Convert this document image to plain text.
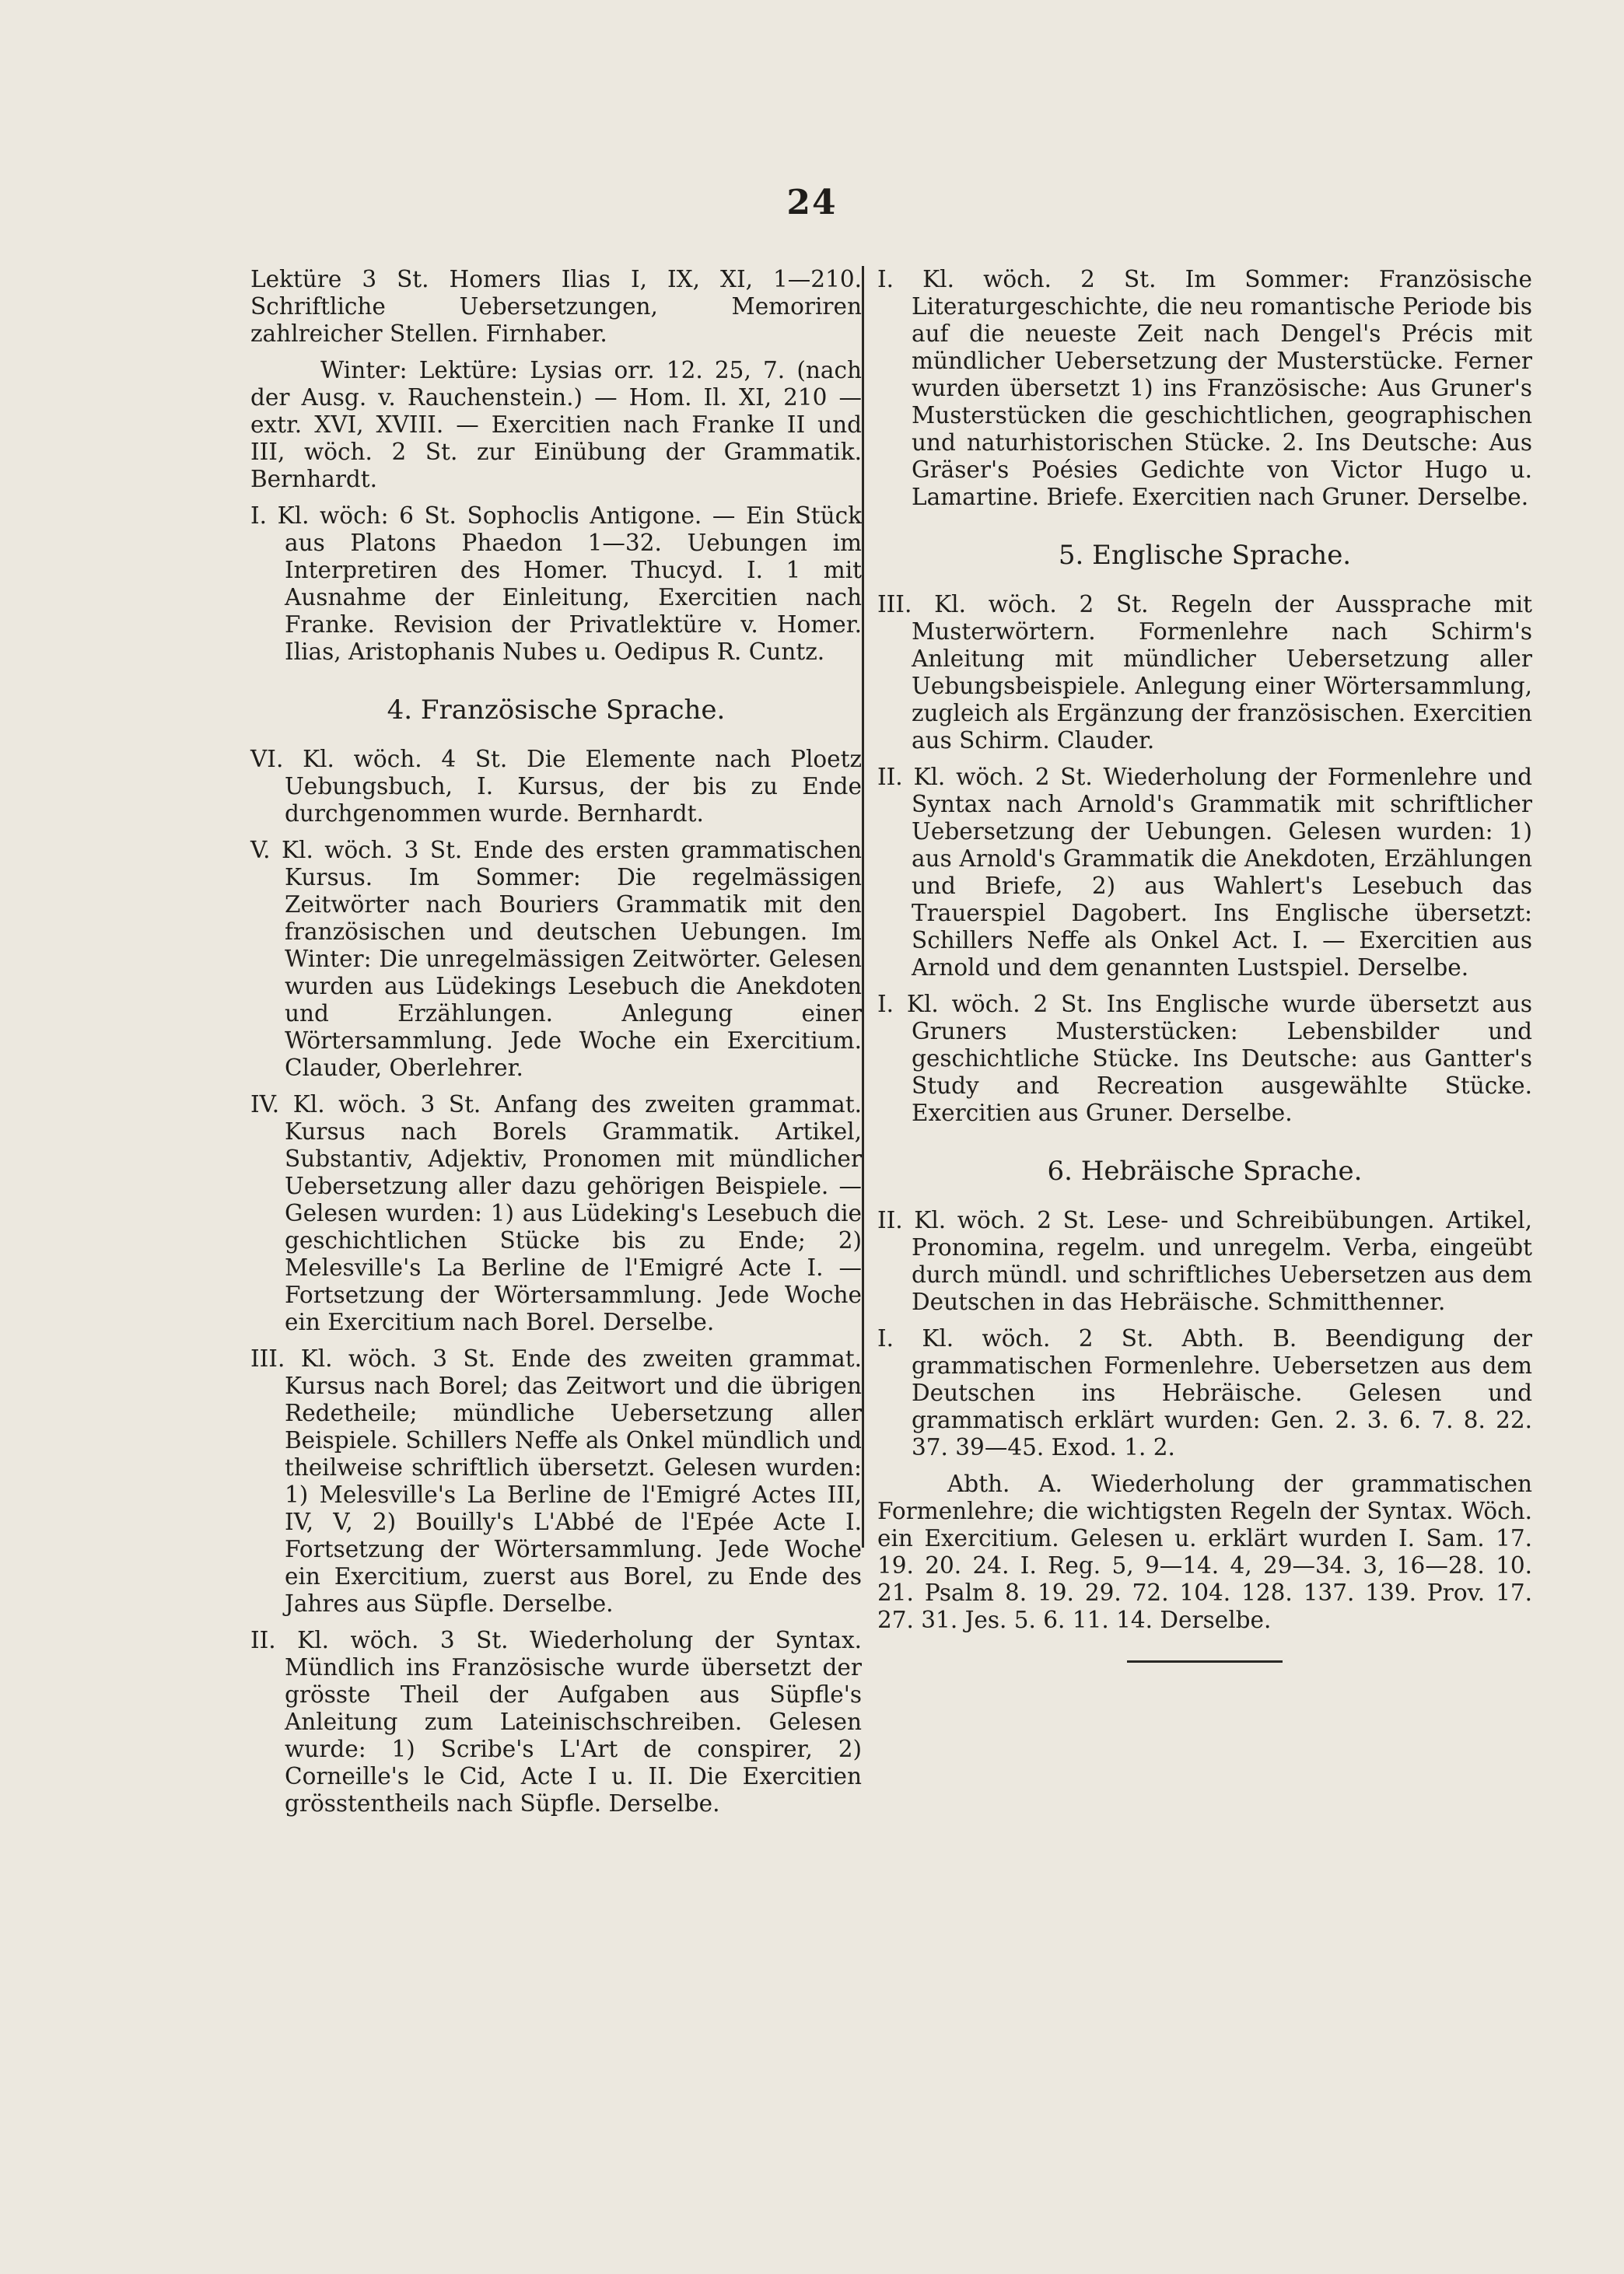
24

Lektüre 3 St. Homers Ilias I, IX, XI, 1—210. Schriftliche Uebersetzungen, Memoriren zahlreicher Stellen. Firnhaber.

Winter: Lektüre: Lysias orr. 12. 25, 7. (nach der Ausg. v. Rauchenstein.) — Hom. Il. XI, 210 — extr. XVI, XVIII. — Exercitien nach Franke II und III, wöch. 2 St. zur Einübung der Grammatik. Bernhardt.

I. Kl. wöch: 6 St. Sophoclis Antigone. — Ein Stück aus Platons Phaedon 1—32. Uebungen im Interpretiren des Homer. Thucyd. I. 1 mit Ausnahme der Einleitung, Exercitien nach Franke. Revision der Privatlektüre v. Homer. Ilias, Aristophanis Nubes u. Oedipus R. Cuntz.

4. Französische Sprache.

VI. Kl. wöch. 4 St. Die Elemente nach Ploetz Uebungsbuch, I. Kursus, der bis zu Ende durchgenommen wurde. Bernhardt.

V. Kl. wöch. 3 St. Ende des ersten grammatischen Kursus. Im Sommer: Die regelmässigen Zeitwörter nach Bouriers Grammatik mit den französischen und deutschen Uebungen. Im Winter: Die unregelmässigen Zeitwörter. Gelesen wurden aus Lüdekings Lesebuch die Anekdoten und Erzählungen. Anlegung einer Wörtersammlung. Jede Woche ein Exercitium. Clauder, Oberlehrer.

IV. Kl. wöch. 3 St. Anfang des zweiten grammat. Kursus nach Borels Grammatik. Artikel, Substantiv, Adjektiv, Pronomen mit mündlicher Uebersetzung aller dazu gehörigen Beispiele. — Gelesen wurden: 1) aus Lüdeking's Lesebuch die geschichtlichen Stücke bis zu Ende; 2) Melesville's La Berline de l'Emigré Acte I. — Fortsetzung der Wörtersammlung. Jede Woche ein Exercitium nach Borel. Derselbe.

III. Kl. wöch. 3 St. Ende des zweiten grammat. Kursus nach Borel; das Zeitwort und die übrigen Redetheile; mündliche Uebersetzung aller Beispiele. Schillers Neffe als Onkel mündlich und theilweise schriftlich übersetzt. Gelesen wurden: 1) Melesville's La Berline de l'Emigré Actes III, IV, V, 2) Bouilly's L'Abbé de l'Epée Acte I. Fortsetzung der Wörtersammlung. Jede Woche ein Exercitium, zuerst aus Borel, zu Ende des Jahres aus Süpfle. Derselbe.

II. Kl. wöch. 3 St. Wiederholung der Syntax. Mündlich ins Französische wurde übersetzt der grösste Theil der Aufgaben aus Süpfle's Anleitung zum Lateinischschreiben. Gelesen wurde: 1) Scribe's L'Art de conspirer, 2) Corneille's le Cid, Acte I u. II. Die Exercitien grösstentheils nach Süpfle. Derselbe.

I. Kl. wöch. 2 St. Im Sommer: Französische Literaturgeschichte, die neu romantische Periode bis auf die neueste Zeit nach Dengel's Précis mit mündlicher Uebersetzung der Musterstücke. Ferner wurden übersetzt 1) ins Französische: Aus Gruner's Musterstücken die geschichtlichen, geographischen und naturhistorischen Stücke. 2. Ins Deutsche: Aus Gräser's Poésies Gedichte von Victor Hugo u. Lamartine. Briefe. Exercitien nach Gruner. Derselbe.

5. Englische Sprache.

III. Kl. wöch. 2 St. Regeln der Aussprache mit Musterwörtern. Formenlehre nach Schirm's Anleitung mit mündlicher Uebersetzung aller Uebungsbeispiele. Anlegung einer Wörtersammlung, zugleich als Ergänzung der französischen. Exercitien aus Schirm. Clauder.

II. Kl. wöch. 2 St. Wiederholung der Formenlehre und Syntax nach Arnold's Grammatik mit schriftlicher Uebersetzung der Uebungen. Gelesen wurden: 1) aus Arnold's Grammatik die Anekdoten, Erzählungen und Briefe, 2) aus Wahlert's Lesebuch das Trauerspiel Dagobert. Ins Englische übersetzt: Schillers Neffe als Onkel Act. I. — Exercitien aus Arnold und dem genannten Lustspiel. Derselbe.

I. Kl. wöch. 2 St. Ins Englische wurde übersetzt aus Gruners Musterstücken: Lebensbilder und geschichtliche Stücke. Ins Deutsche: aus Gantter's Study and Recreation ausgewählte Stücke. Exercitien aus Gruner. Derselbe.

6. Hebräische Sprache.

II. Kl. wöch. 2 St. Lese- und Schreibübungen. Artikel, Pronomina, regelm. und unregelm. Verba, eingeübt durch mündl. und schriftliches Uebersetzen aus dem Deutschen in das Hebräische. Schmitthenner.

I. Kl. wöch. 2 St. Abth. B. Beendigung der grammatischen Formenlehre. Uebersetzen aus dem Deutschen ins Hebräische. Gelesen und grammatisch erklärt wurden: Gen. 2. 3. 6. 7. 8. 22. 37. 39—45. Exod. 1. 2.

Abth. A. Wiederholung der grammatischen Formenlehre; die wichtigsten Regeln der Syntax. Wöch. ein Exercitium. Gelesen u. erklärt wurden I. Sam. 17. 19. 20. 24. I. Reg. 5, 9—14. 4, 29—34. 3, 16—28. 10. 21. Psalm 8. 19. 29. 72. 104. 128. 137. 139. Prov. 17. 27. 31. Jes. 5. 6. 11. 14. Derselbe.
